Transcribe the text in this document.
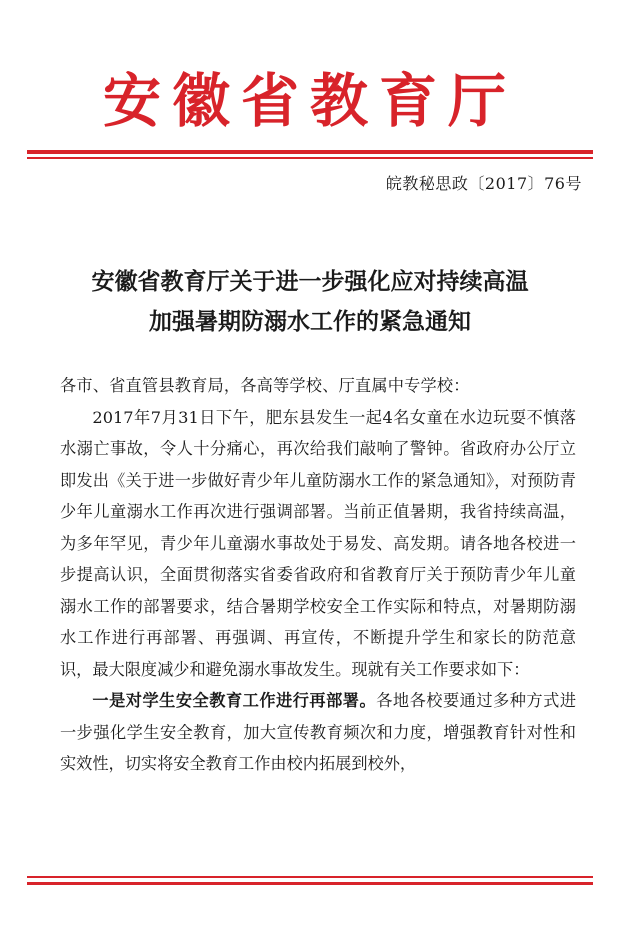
安徽省教育厅
皖教秘思政〔2017〕76号
安徽省教育厅关于进一步强化应对持续高温
加强暑期防溺水工作的紧急通知

各市、省直管县教育局，各高等学校、厅直属中专学校：

2017年7月31日下午，肥东县发生一起4名女童在水边玩耍不慎落水溺亡事故，令人十分痛心，再次给我们敲响了警钟。省政府办公厅立即发出《关于进一步做好青少年儿童防溺水工作的紧急通知》，对预防青少年儿童溺水工作再次进行强调部署。当前正值暑期，我省持续高温，为多年罕见，青少年儿童溺水事故处于易发、高发期。请各地各校进一步提高认识，全面贯彻落实省委省政府和省教育厅关于预防青少年儿童溺水工作的部署要求，结合暑期学校安全工作实际和特点，对暑期防溺水工作进行再部署、再强调、再宣传，不断提升学生和家长的防范意识，最大限度减少和避免溺水事故发生。现就有关工作要求如下：

一是对学生安全教育工作进行再部署。各地各校要通过多种方式进一步强化学生安全教育，加大宣传教育频次和力度，增强教育针对性和实效性，切实将安全教育工作由校内拓展到校外，
